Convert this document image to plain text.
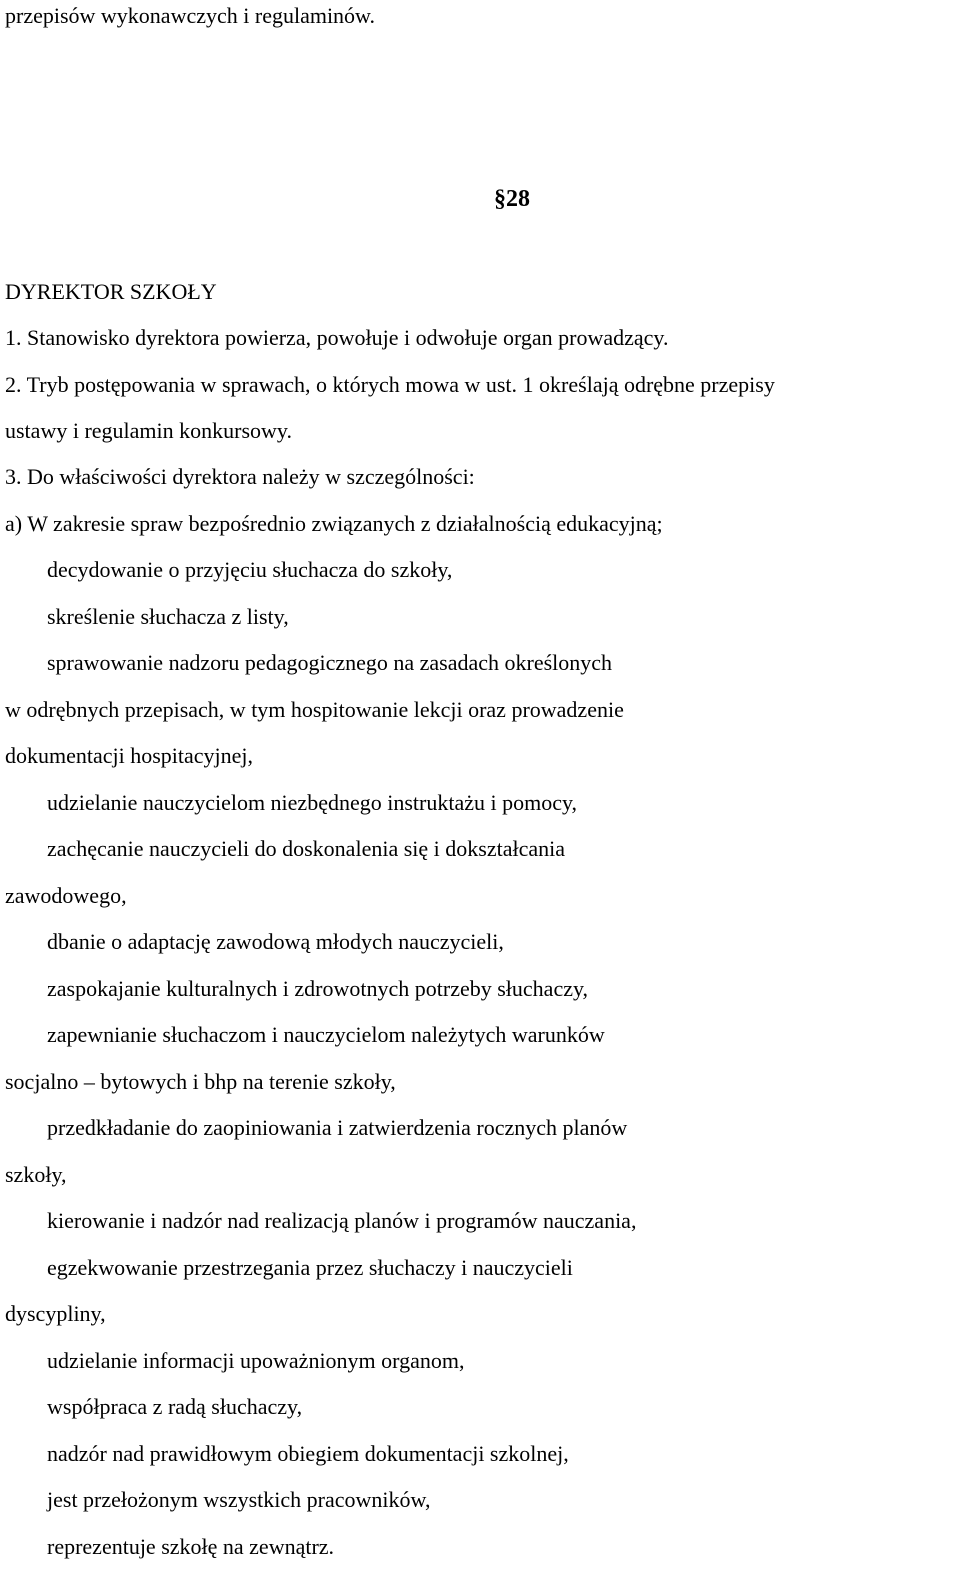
przepisów wykonawczych i regulaminów.

§28

DYREKTOR SZKOŁY

1. Stanowisko dyrektora powierza, powołuje i odwołuje organ prowadzący.

2. Tryb postępowania w sprawach, o których mowa w ust. 1 określają odrębne przepisy

ustawy i regulamin konkursowy.

3. Do właściwości dyrektora należy w szczególności:

a) W zakresie spraw bezpośrednio związanych z działalnością edukacyjną;

decydowanie o przyjęciu słuchacza do szkoły,

skreślenie słuchacza z listy,

sprawowanie nadzoru pedagogicznego na zasadach określonych

w odrębnych przepisach, w tym hospitowanie lekcji oraz prowadzenie

dokumentacji hospitacyjnej,

udzielanie nauczycielom niezbędnego instruktażu i pomocy,

zachęcanie nauczycieli do doskonalenia się i dokształcania

zawodowego,

dbanie o adaptację zawodową młodych nauczycieli,

zaspokajanie kulturalnych i zdrowotnych potrzeby słuchaczy,

zapewnianie słuchaczom i nauczycielom należytych warunków

socjalno – bytowych i bhp na terenie szkoły,

przedkładanie do zaopiniowania i zatwierdzenia rocznych planów

szkoły,

kierowanie i nadzór nad realizacją planów i programów nauczania,

egzekwowanie przestrzegania przez słuchaczy i nauczycieli

dyscypliny,

udzielanie informacji upoważnionym organom,

współpraca z radą słuchaczy,

nadzór nad prawidłowym obiegiem dokumentacji szkolnej,

jest przełożonym wszystkich pracowników,

reprezentuje szkołę na zewnątrz.
